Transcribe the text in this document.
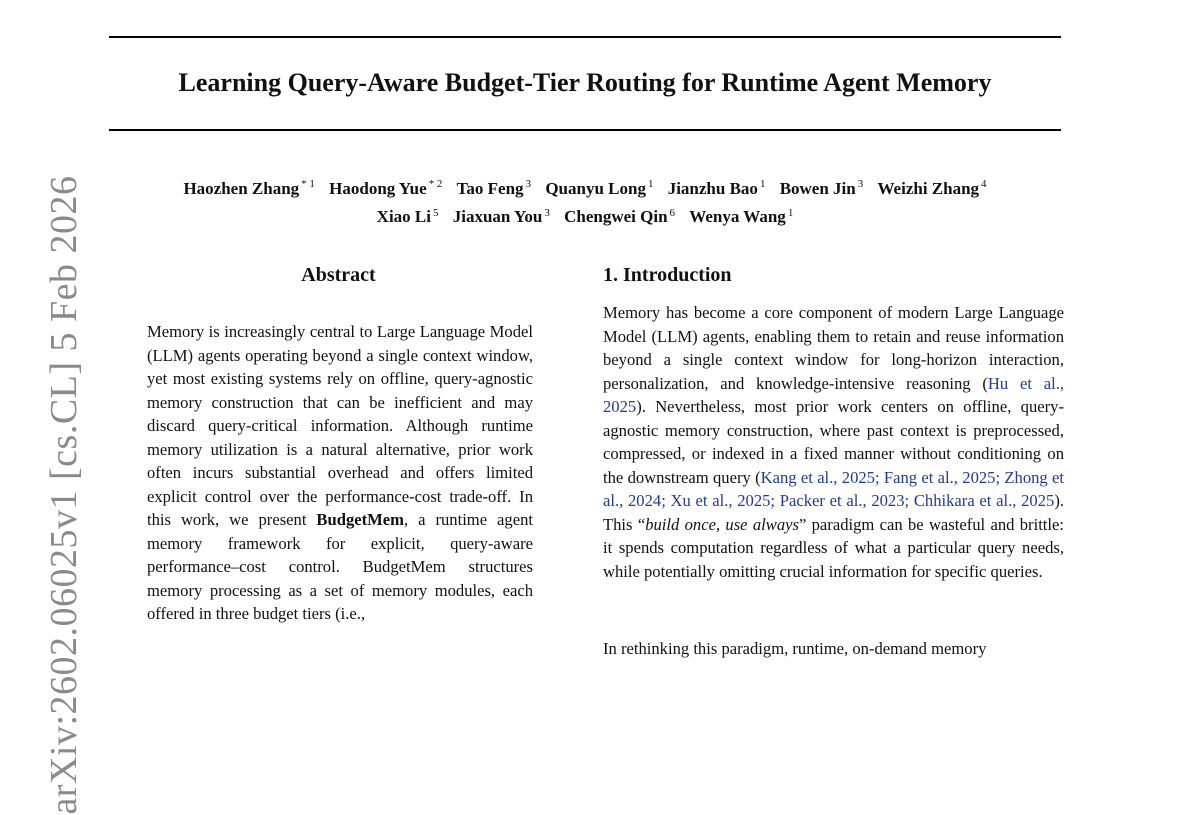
arXiv:2602.06025v1 [cs.CL] 5 Feb 2026
Learning Query-Aware Budget-Tier Routing for Runtime Agent Memory
Haozhen Zhang $^{* 1}$ Haodong Yue $^{* 2}$ Tao Feng $^3$ Quanyu Long $^1$ Jianzhu Bao $^1$ Bowen Jin $^3$ Weizhi Zhang $^4$
Xiao Li $^5$ Jiaxuan You $^3$ Chengwei Qin $^6$ Wenya Wang $^1$
Abstract

Memory is increasingly central to Large Language Model (LLM) agents operating beyond a single context window, yet most existing systems rely on offline, query-agnostic memory construction that can be inefficient and may discard query-critical information. Although runtime memory utilization is a natural alternative, prior work often incurs substantial overhead and offers limited explicit control over the performance-cost trade-off. In this work, we present BudgetMem, a runtime agent memory framework for explicit, query-aware performance–cost control. BudgetMem structures memory processing as a set of memory modules, each offered in three budget tiers (i.e.,

1. Introduction

Memory has become a core component of modern Large Language Model (LLM) agents, enabling them to retain and reuse information beyond a single context window for long-horizon interaction, personalization, and knowledge-intensive reasoning (Hu et al., 2025). Nevertheless, most prior work centers on offline, query-agnostic memory construction, where past context is preprocessed, compressed, or indexed in a fixed manner without conditioning on the downstream query (Kang et al., 2025; Fang et al., 2025; Zhong et al., 2024; Xu et al., 2025; Packer et al., 2023; Chhikara et al., 2025). This “build once, use always” paradigm can be wasteful and brittle: it spends computation regardless of what a particular query needs, while potentially omitting crucial information for specific queries.

In rethinking this paradigm, runtime, on-demand memory
